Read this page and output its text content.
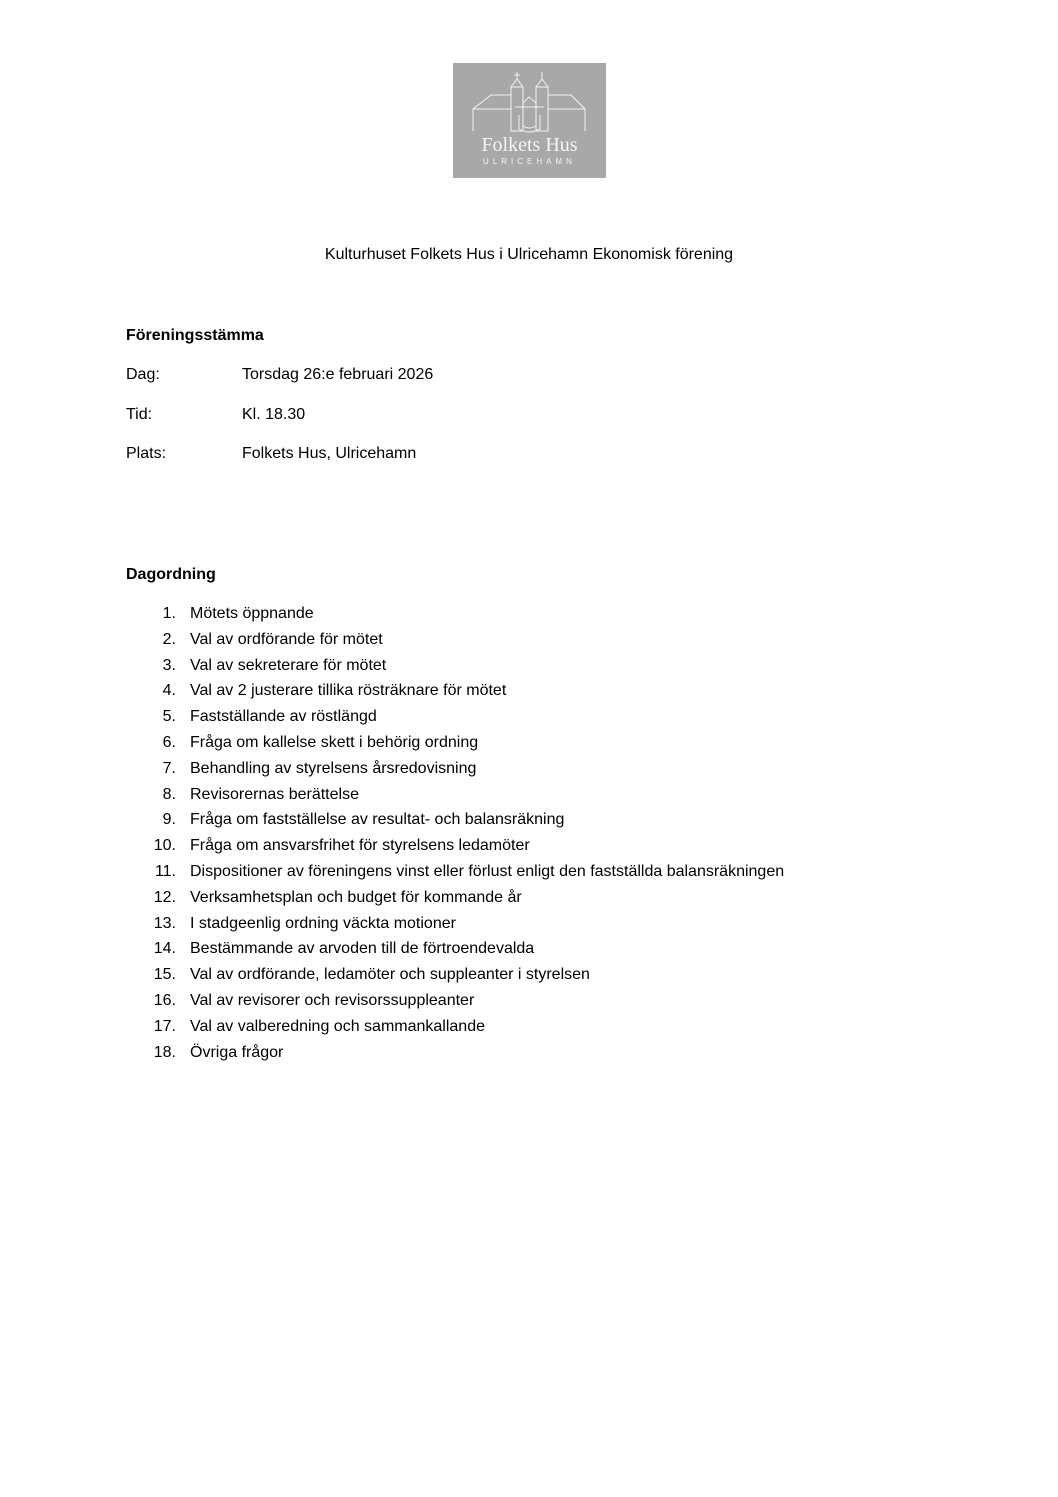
Folkets Hus
ULRICEHAMN
Kulturhuset Folkets Hus i Ulricehamn Ekonomisk förening
Föreningsstämma
Dag:	Torsdag 26:e februari 2026
Tid:	Kl. 18.30
Plats:	Folkets Hus, Ulricehamn
Dagordning
1. Mötets öppnande
2. Val av ordförande för mötet
3. Val av sekreterare för mötet
4. Val av 2 justerare tillika rösträknare för mötet
5. Fastställande av röstlängd
6. Fråga om kallelse skett i behörig ordning
7. Behandling av styrelsens årsredovisning
8. Revisorernas berättelse
9. Fråga om fastställelse av resultat- och balansräkning
10. Fråga om ansvarsfrihet för styrelsens ledamöter
11. Dispositioner av föreningens vinst eller förlust enligt den fastställda balansräkningen
12. Verksamhetsplan och budget för kommande år
13. I stadgeenlig ordning väckta motioner
14. Bestämmande av arvoden till de förtroendevalda
15. Val av ordförande, ledamöter och suppleanter i styrelsen
16. Val av revisorer och revisorssuppleanter
17. Val av valberedning och sammankallande
18. Övriga frågor
